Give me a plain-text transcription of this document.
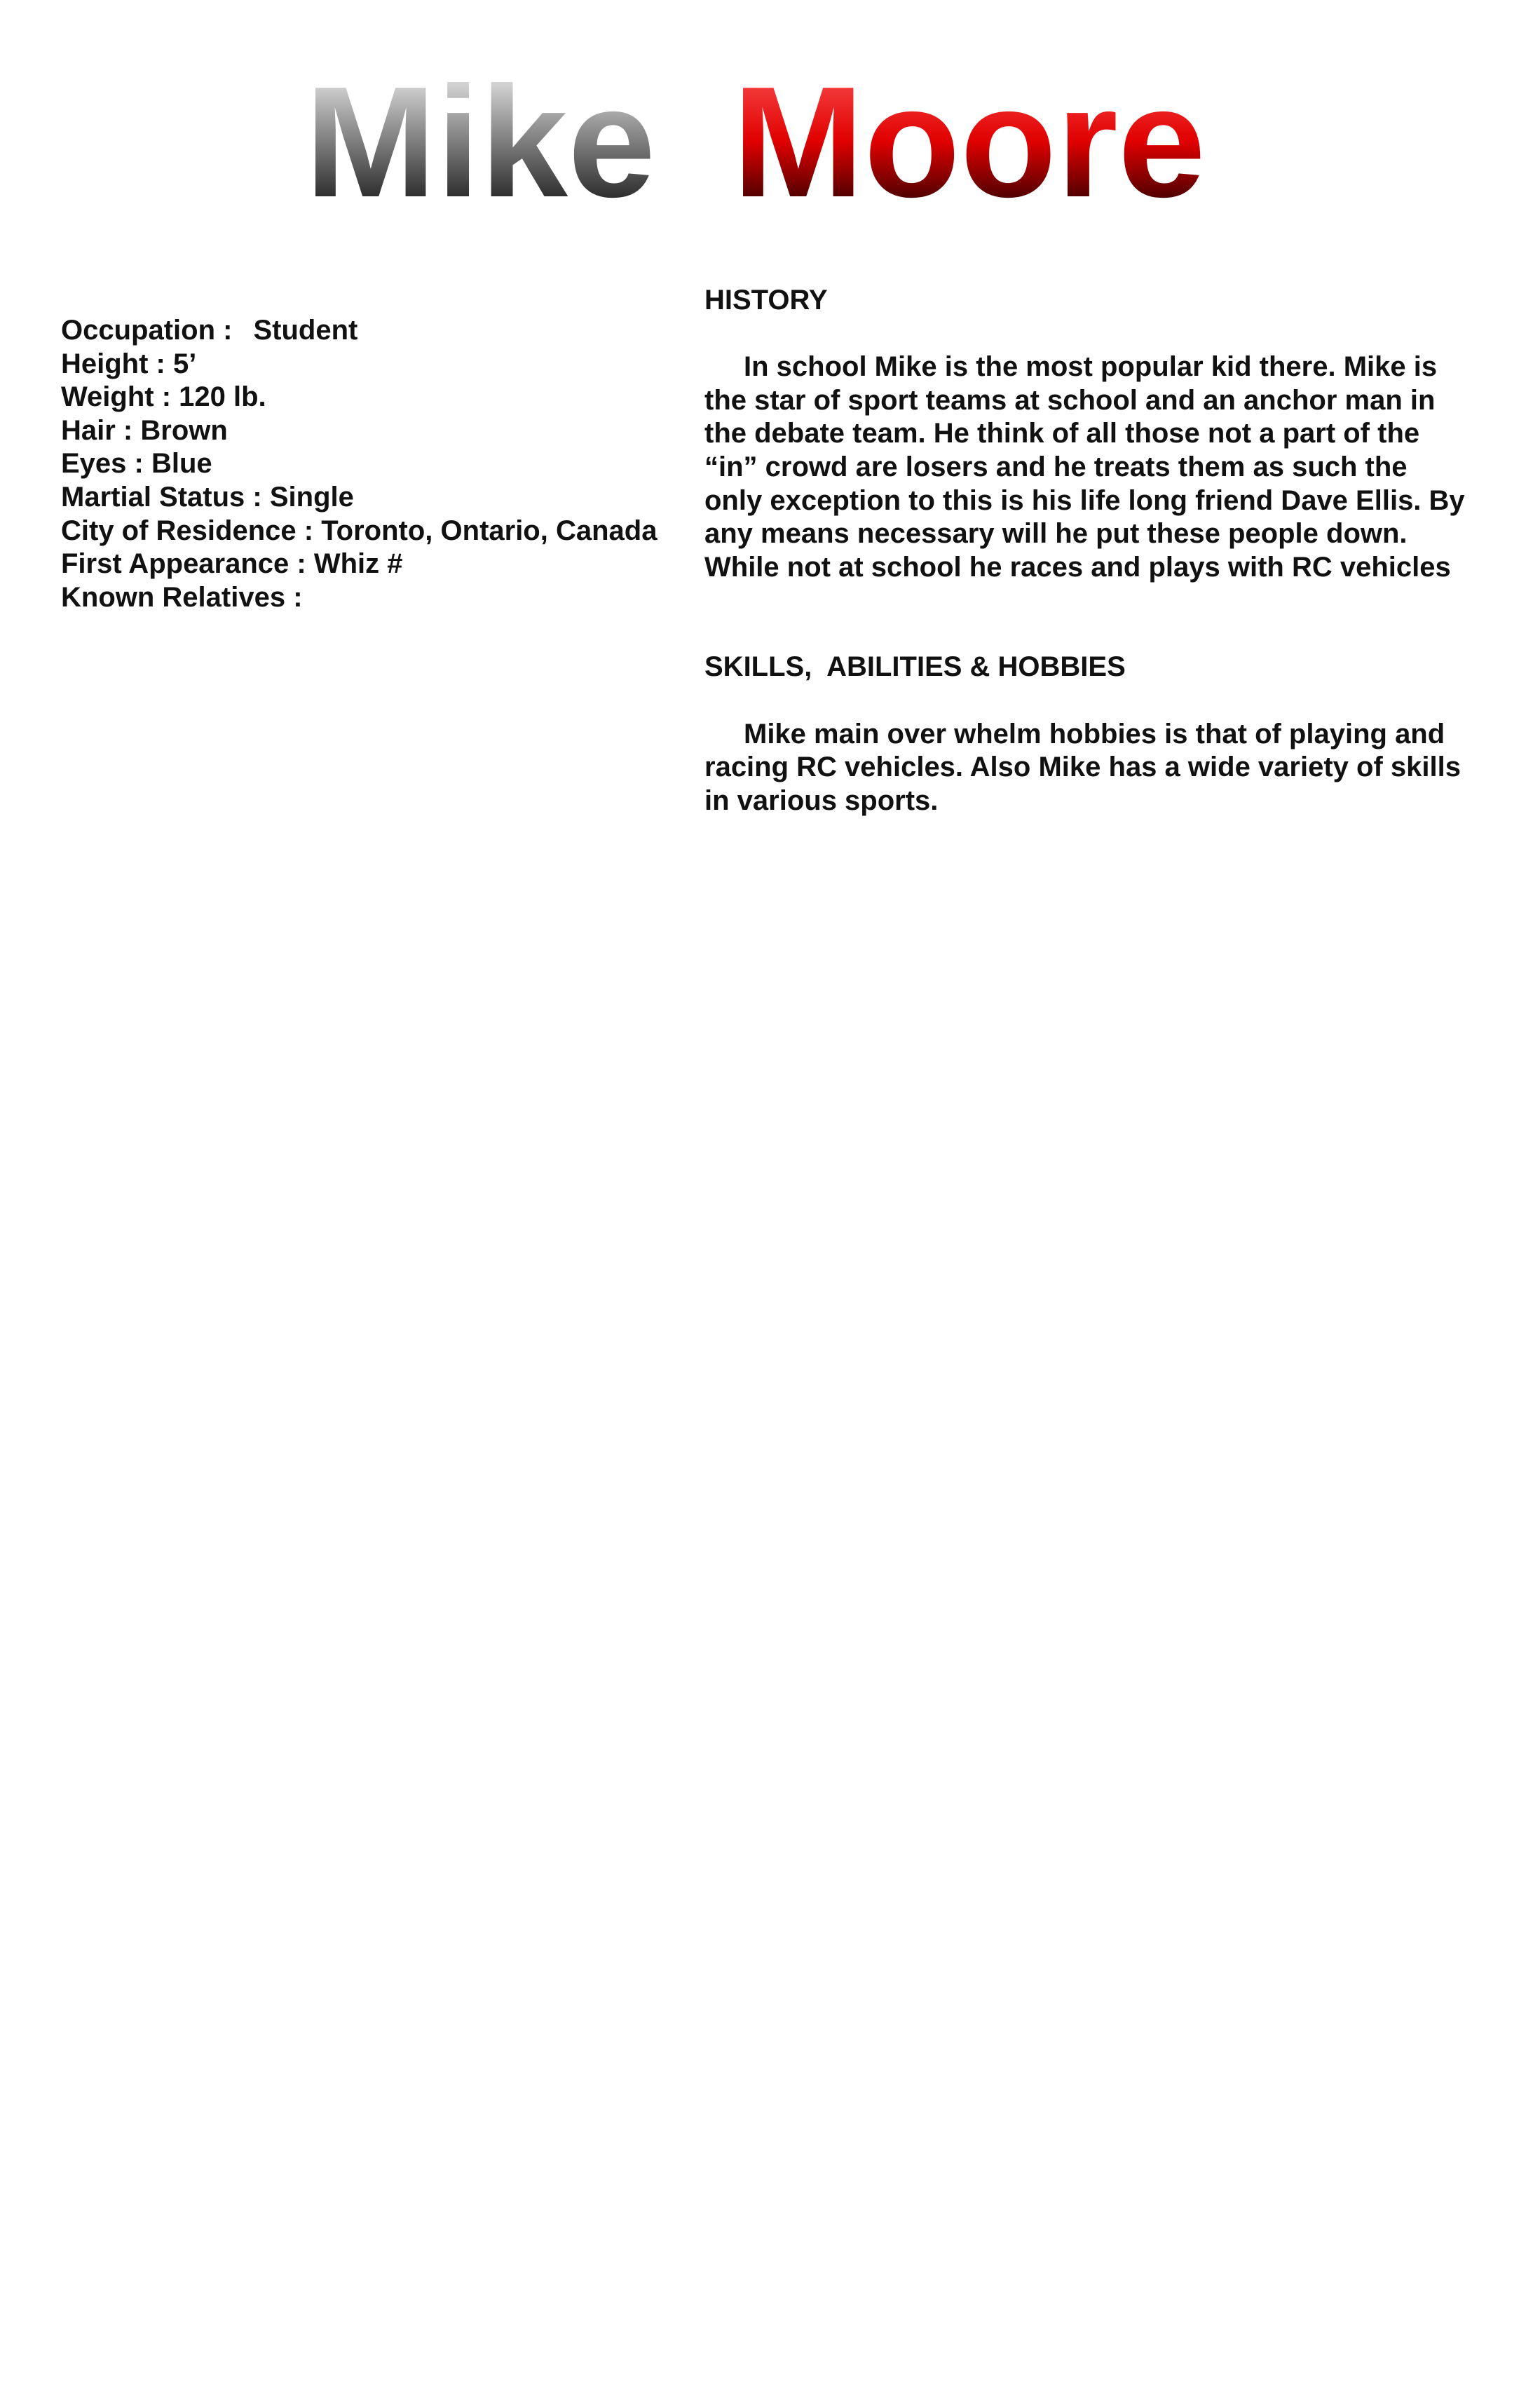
Mike Moore
Occupation : Student
Height : 5’
Weight : 120 lb.
Hair : Brown
Eyes : Blue
Martial Status : Single
City of Residence : Toronto, Ontario, Canada
First Appearance : Whiz #
Known Relatives :

HISTORY

In school Mike is the most popular kid there. Mike is
the star of sport teams at school and an anchor man in
the debate team. He think of all those not a part of the
“in” crowd are losers and he treats them as such the
only exception to this is his life long friend Dave Ellis. By
any means necessary will he put these people down.
While not at school he races and plays with RC vehicles

SKILLS,  ABILITIES & HOBBIES

Mike main over whelm hobbies is that of playing and
racing RC vehicles. Also Mike has a wide variety of skills
in various sports.
